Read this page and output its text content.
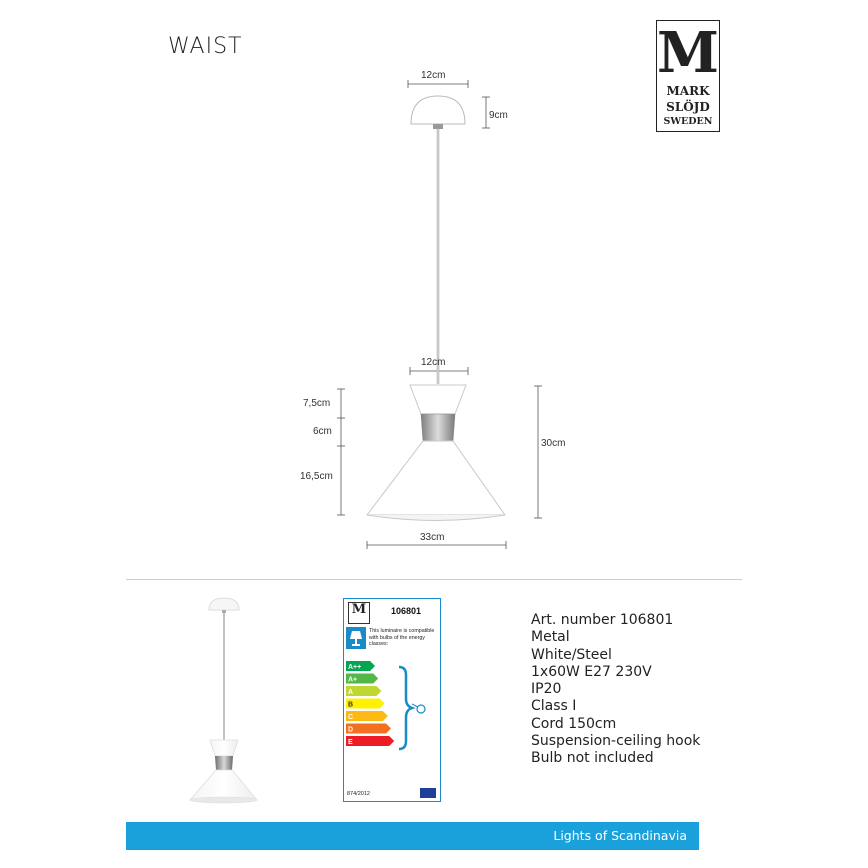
WAIST	M
MARK
SLÖJD
SWEDEN
12cm
9cm
12cm
7,5cm
6cm
16,5cm
30cm
33cm
M	106801
This luminaire is compatible with bulbs of the energy classes:
A++
A+
A
B
C
D
E
874/2012
Art. number 106801
Metal
White/Steel
1x60W E27 230V
IP20
Class I
Cord 150cm
Suspension-ceiling hook
Bulb not included
Lights of Scandinavia
